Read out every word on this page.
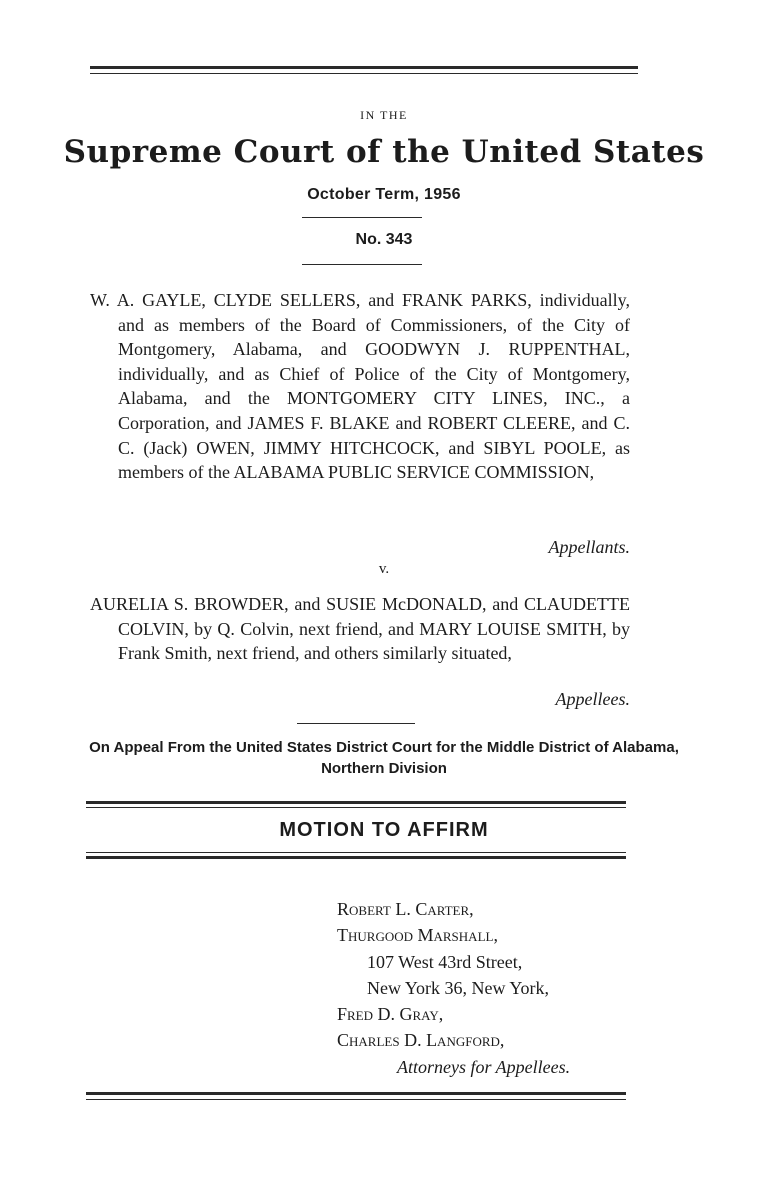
IN THE
Supreme Court of the United States
October Term, 1956
No. 343
W. A. GAYLE, CLYDE SELLERS, and FRANK PARKS, individually, and as members of the Board of Commissioners, of the City of Montgomery, Alabama, and GOODWYN J. RUPPENTHAL, individually, and as Chief of Police of the City of Montgomery, Alabama, and the MONTGOMERY CITY LINES, INC., a Corporation, and JAMES F. BLAKE and ROBERT CLEERE, and C. C. (Jack) OWEN, JIMMY HITCHCOCK, and SIBYL POOLE, as members of the ALABAMA PUBLIC SERVICE COMMISSION,
Appellants.
v.
AURELIA S. BROWDER, and SUSIE McDONALD, and CLAUDETTE COLVIN, by Q. Colvin, next friend, and MARY LOUISE SMITH, by Frank Smith, next friend, and others similarly situated,
Appellees.
On Appeal From the United States District Court for the Middle District of Alabama, Northern Division
MOTION TO AFFIRM
Robert L. Carter,
Thurgood Marshall,
107 West 43rd Street,
New York 36, New York,
Fred D. Gray,
Charles D. Langford,
Attorneys for Appellees.
